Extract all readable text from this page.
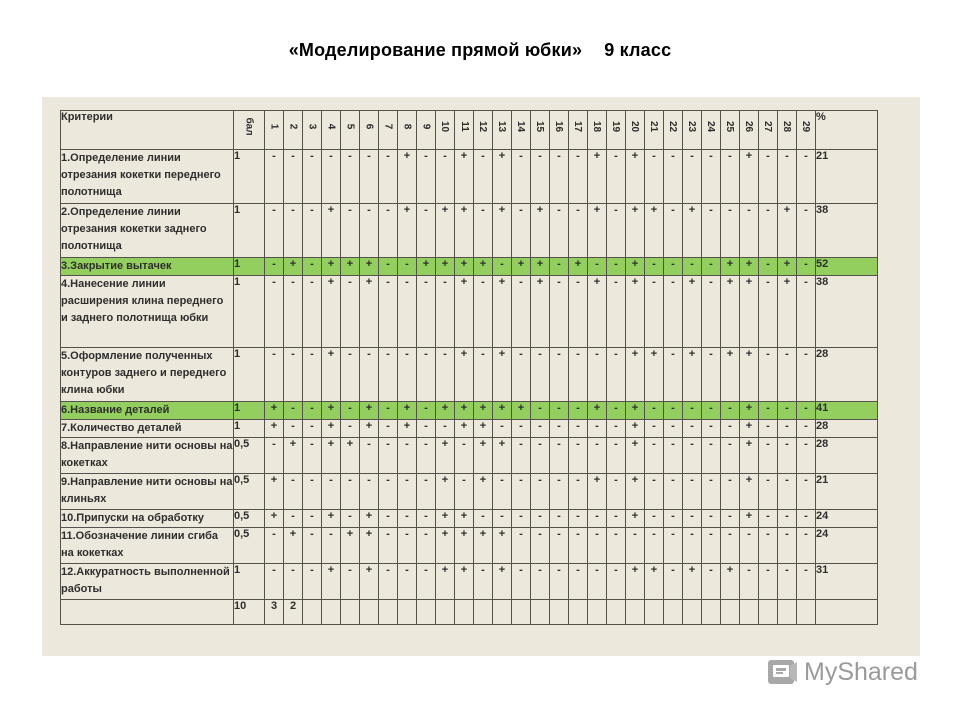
«Моделирование прямой юбки» 9 класс
Критерии	бал	1	2	3	4	5	6	7	8	9	10	11	12	13	14	15	16	17	18	19	20	21	22	23	24	25	26	27	28	29	%
1.Определение линии отрезания кокетки переднего полотнища	1	-	-	-	-	-	-	-	+	-	-	+	-	+	-	-	-	-	+	-	+	-	-	-	-	-	+	-	-	-	21
2.Определение линии отрезания кокетки заднего полотнища	1	-	-	-	+	-	-	-	+	-	+	+	-	+	-	+	-	-	+	-	+	+	-	+	-	-	-	-	+	-	38
3.Закрытие вытачек	1	-	+	-	+	+	+	-	-	+	+	+	+	-	+	+	-	+	-	-	+	-	-	-	-	+	+	-	+	-	52
4.Нанесение линии расширения клина переднего и заднего полотнища юбки	1	-	-	-	+	-	+	-	-	-	-	+	-	+	-	+	-	-	+	-	+	-	-	+	-	+	+	-	+	-	38
5.Оформление полученных контуров заднего и переднего клина юбки	1	-	-	-	+	-	-	-	-	-	-	+	-	+	-	-	-	-	-	-	+	+	-	+	-	+	+	-	-	-	28
6.Название деталей	1	+	-	-	+	-	+	-	+	-	+	+	+	+	+	-	-	-	+	-	+	-	-	-	-	-	+	-	-	-	41
7.Количество деталей	1	+	-	-	+	-	+	-	+	-	-	+	+	-	-	-	-	-	-	-	+	-	-	-	-	-	+	-	-	-	28
8.Направление нити основы на кокетках	0,5	-	+	-	+	+	-	-	-	-	+	-	+	+	-	-	-	-	-	-	+	-	-	-	-	-	+	-	-	-	28
9.Направление нити основы на клиньях	0,5	+	-	-	-	-	-	-	-	-	+	-	+	-	-	-	-	-	+	-	+	-	-	-	-	-	+	-	-	-	21
10.Припуски на обработку	0,5	+	-	-	+	-	+	-	-	-	+	+	-	-	-	-	-	-	-	-	+	-	-	-	-	-	+	-	-	-	24
11.Обозначение линии сгиба на кокетках	0,5	-	+	-	-	+	+	-	-	-	+	+	+	+	-	-	-	-	-	-	-	-	-	-	-	-	-	-	-	-	24
12.Аккуратность выполненной работы	1	-	-	-	+	-	+	-	-	-	+	+	-	+	-	-	-	-	-	-	+	+	-	+	-	+	-	-	-	-	31
	10	3	2																												
MyShared
